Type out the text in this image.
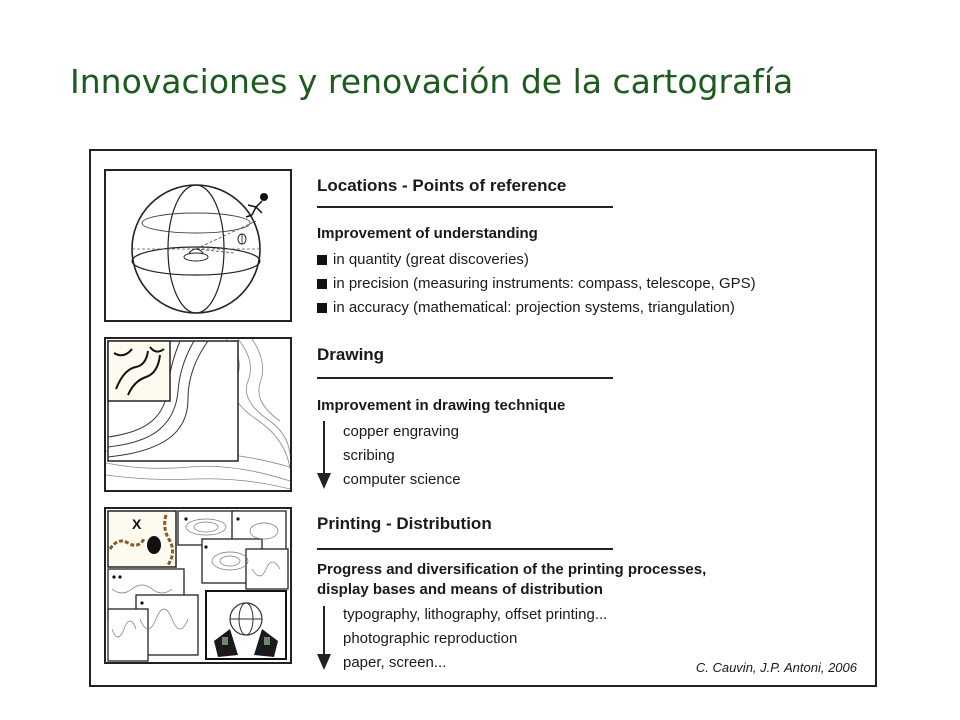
Innovaciones y renovación de la cartografía
Locations - Points of reference

Improvement of understanding

in quantity (great discoveries)
in precision (measuring instruments: compass, telescope, GPS)
in accuracy (mathematical: projection systems, triangulation)
Drawing

Improvement in drawing technique

copper engraving
scribing
computer science
X	Printing - Distribution

Progress and diversification of the printing processes,

display bases and means of distribution

typography, lithography, offset printing...
photographic reproduction
paper, screen...	C. Cauvin, J.P. Antoni, 2006
